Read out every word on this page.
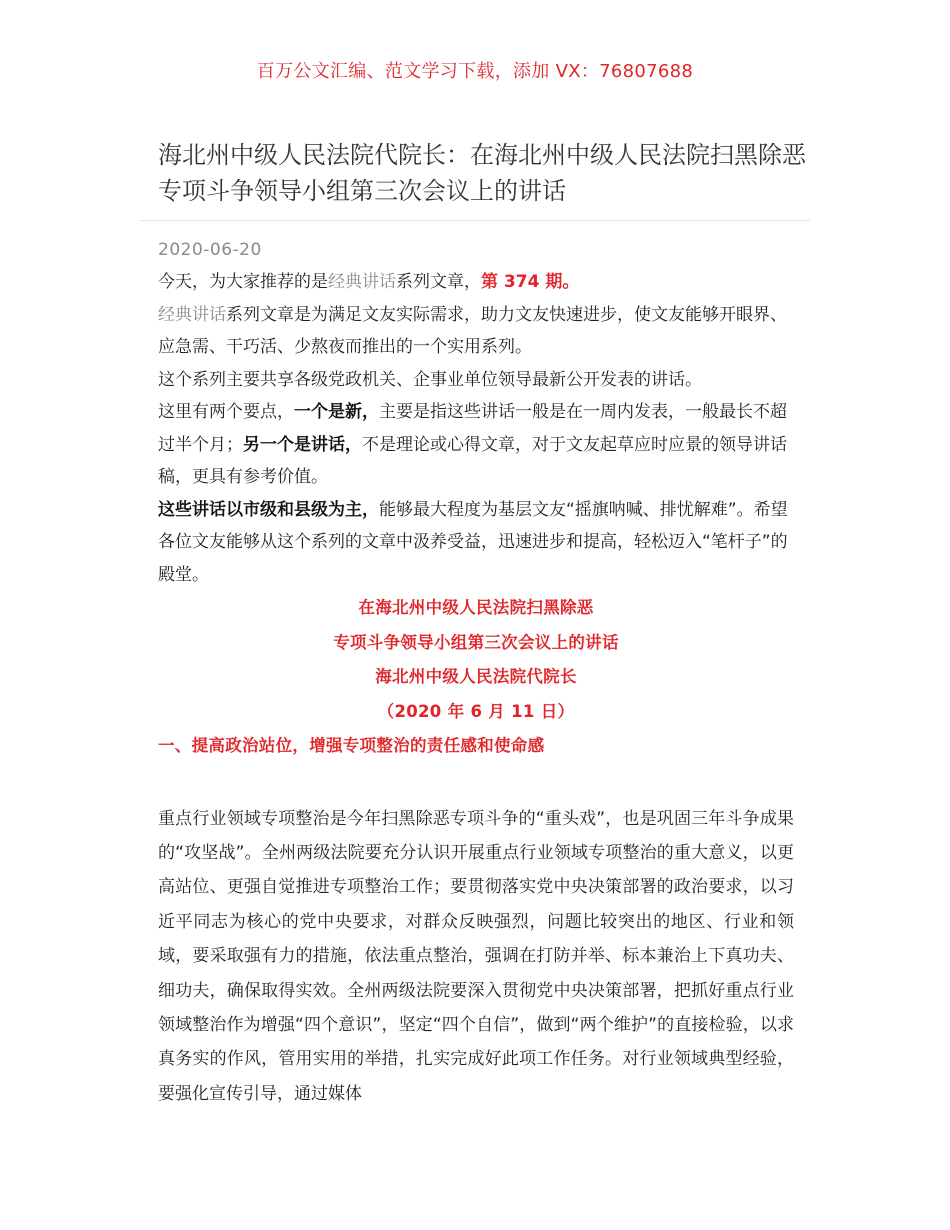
百万公文汇编、范文学习下载，添加 VX：76807688
海北州中级人民法院代院长：在海北州中级人民法院扫黑除恶专项斗争领导小组第三次会议上的讲话
2020-06-20

今天，为大家推荐的是经典讲话系列文章，第 374 期。

经典讲话系列文章是为满足文友实际需求，助力文友快速进步，使文友能够开眼界、应急需、干巧活、少熬夜而推出的一个实用系列。

这个系列主要共享各级党政机关、企事业单位领导最新公开发表的讲话。

这里有两个要点，一个是新，主要是指这些讲话一般是在一周内发表，一般最长不超过半个月；另一个是讲话，不是理论或心得文章，对于文友起草应时应景的领导讲话稿，更具有参考价值。

这些讲话以市级和县级为主，能够最大程度为基层文友“摇旗呐喊、排忧解难”。希望各位文友能够从这个系列的文章中汲养受益，迅速进步和提高，轻松迈入“笔杆子”的殿堂。

在海北州中级人民法院扫黑除恶
专项斗争领导小组第三次会议上的讲话
海北州中级人民法院代院长
（2020 年 6 月 11 日）
一、提高政治站位，增强专项整治的责任感和使命感

重点行业领域专项整治是今年扫黑除恶专项斗争的“重头戏”，也是巩固三年斗争成果的“攻坚战”。全州两级法院要充分认识开展重点行业领域专项整治的重大意义，以更高站位、更强自觉推进专项整治工作；要贯彻落实党中央决策部署的政治要求，以习近平同志为核心的党中央要求，对群众反映强烈，问题比较突出的地区、行业和领域，要采取强有力的措施，依法重点整治，强调在打防并举、标本兼治上下真功夫、细功夫，确保取得实效。全州两级法院要深入贯彻党中央决策部署，把抓好重点行业领域整治作为增强“四个意识”，坚定“四个自信”，做到“两个维护”的直接检验，以求真务实的作风，管用实用的举措，扎实完成好此项工作任务。对行业领域典型经验，要强化宣传引导，通过媒体
